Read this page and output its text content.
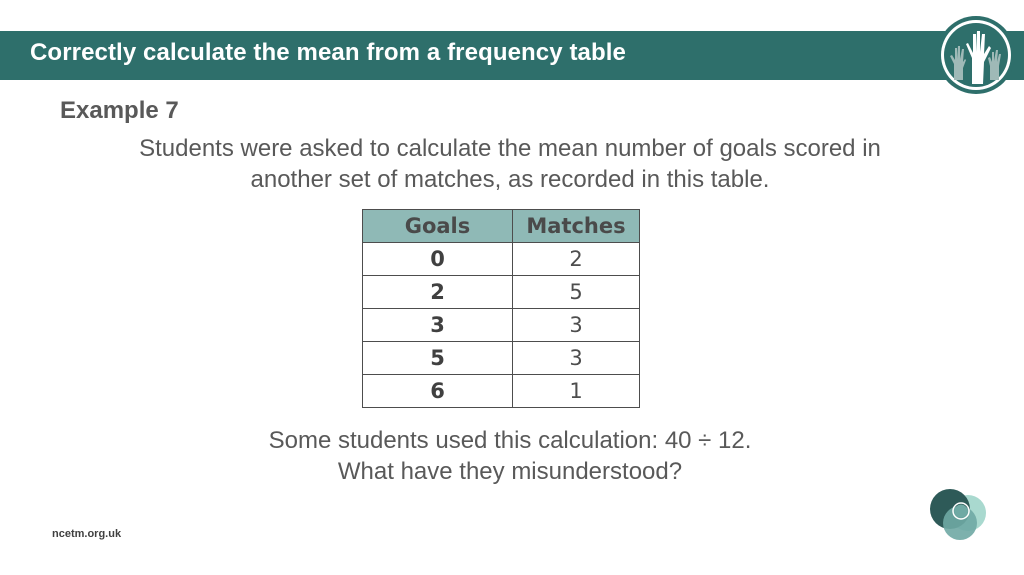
Correctly calculate the mean from a frequency table
Example 7
Students were asked to calculate the mean number of goals scored in
another set of matches, as recorded in this table.
Goals	Matches
0	2
2	5
3	3
5	3
6	1
Some students used this calculation: 40 ÷ 12.
What have they misunderstood?
ncetm.org.uk
